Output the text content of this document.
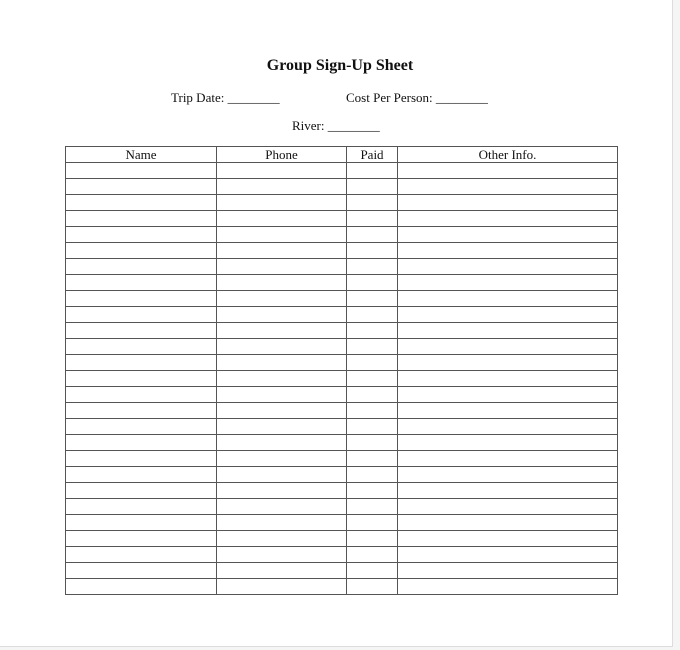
Group Sign-Up Sheet
Trip Date: ________	Cost Per Person: ________
River: ________
Name	Phone	Paid	Other Info.
